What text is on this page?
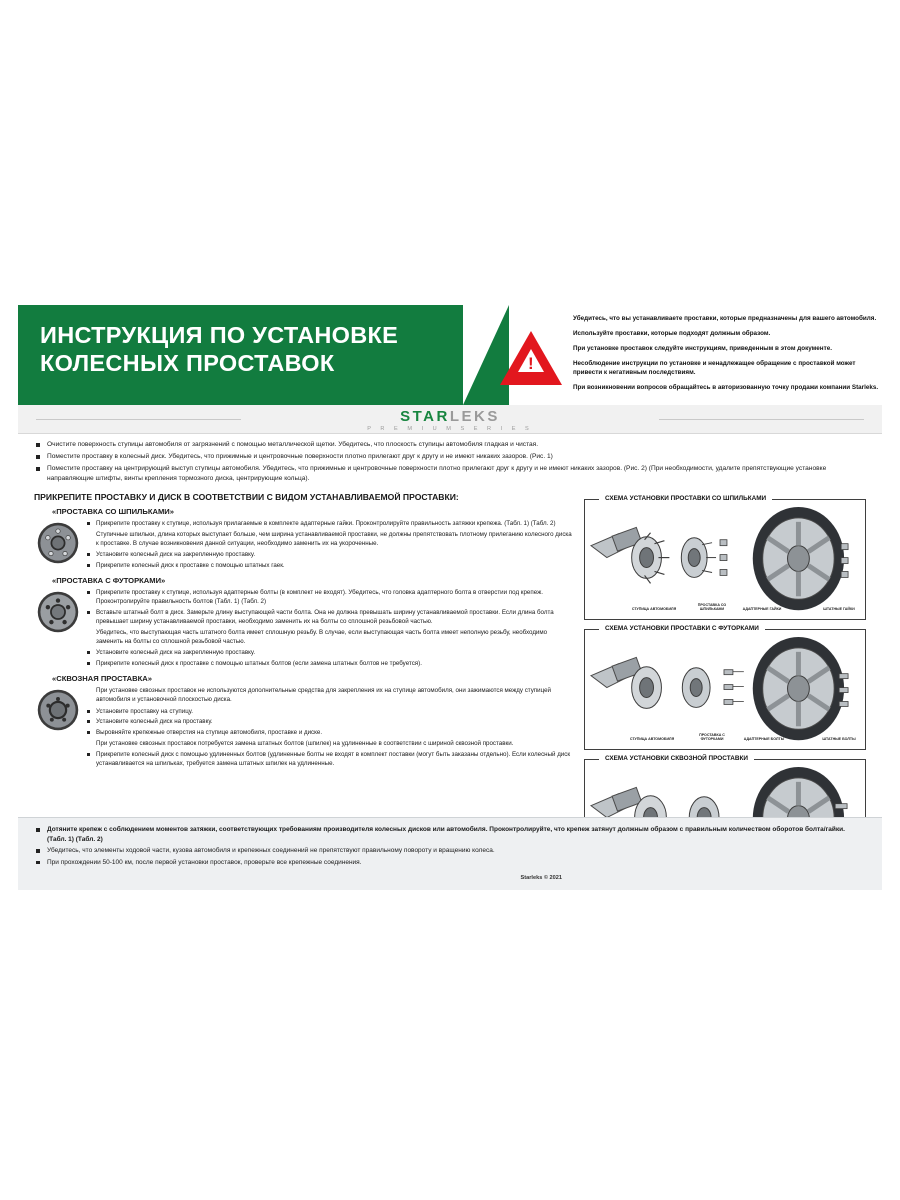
ИНСТРУКЦИЯ ПО УСТАНОВКЕ
КОЛЕСНЫХ ПРОСТАВОК	!

Убедитесь, что вы устанавливаете проставки, которые предназначены для вашего автомобиля.

Используйте проставки, которые подходят должным образом.

При установке проставок следуйте инструкциям, приведенным в этом документе.

Несоблюдение инструкции по установке и ненадлежащее обращение с проставкой может привести к негативным последствиям.

При возникновении вопросов обращайтесь в авторизованную точку продажи компании Starleks.

STARLEKS
P R E M I U M S E R I E S
Очистите поверхность ступицы автомобиля от загрязнений с помощью металлической щетки. Убедитесь, что плоскость ступицы автомобиля гладкая и чистая.
Поместите проставку в колесный диск. Убедитесь, что прижимные и центровочные поверхности плотно прилегают друг к другу и не имеют никаких зазоров. (Рис. 1)
Поместите проставку на центрирующий выступ ступицы автомобиля. Убедитесь, что прижимные и центровочные поверхности плотно прилегают друг к другу и не имеют никаких зазоров. (Рис. 2) (При необходимости, удалите препятствующие установке направляющие штифты, винты крепления тормозного диска, центрирующие кольца).
ПРИКРЕПИТЕ ПРОСТАВКУ И ДИСК В СООТВЕТСТВИИ С ВИДОМ УСТАНАВЛИВАЕМОЙ ПРОСТАВКИ:
«ПРОСТАВКА СО ШПИЛЬКАМИ»
Прикрепите проставку к ступице, используя прилагаемые в комплекте адаптерные гайки. Проконтролируйте правильность затяжки крепежа. (Табл. 1) (Табл. 2)
Ступичные шпильки, длина которых выступает больше, чем ширина устанавливаемой проставки, не должны препятствовать плотному прилеганию колесного диска к проставке. В случае возникновения данной ситуации, необходимо заменить их на укороченные.
Установите колесный диск на закрепленную проставку.
Прикрепите колесный диск к проставке с помощью штатных гаек.
«ПРОСТАВКА С ФУТОРКАМИ»
Прикрепите проставку к ступице, используя адаптерные болты (в комплект не входят). Убедитесь, что головка адаптерного болта в отверстии под крепеж. Проконтролируйте правильность болтов (Табл. 1) (Табл. 2)
Вставьте штатный болт в диск. Замерьте длину выступающей части болта. Она не должна превышать ширину устанавливаемой проставки. Если длина болта превышает ширину устанавливаемой проставки, необходимо заменить их на болты со сплошной резьбовой частью.
Убедитесь, что выступающая часть штатного болта имеет сплошную резьбу. В случае, если выступающая часть болта имеет неполную резьбу, необходимо заменить на болты со сплошной резьбовой частью.
Установите колесный диск на закрепленную проставку.
Прикрепите колесный диск к проставке с помощью штатных болтов (если замена штатных болтов не требуется).
«СКВОЗНАЯ ПРОСТАВКА»
При установке сквозных проставок не используются дополнительные средства для закрепления их на ступице автомобиля, они зажимаются между ступицей автомобиля и установочной плоскостью диска.
Установите проставку на ступицу.
Установите колесный диск на проставку.
Выровняйте крепежные отверстия на ступице автомобиля, проставке и диске.
При установке сквозных проставок потребуется замена штатных болтов (шпилек) на удлиненные в соответствии с шириной сквозной проставки.
Прикрепите колесный диск с помощью удлиненных болтов (удлиненные болты не входят в комплект поставки (могут быть заказаны отдельно). Если колесный диск устанавливается на шпильках, требуется замена штатных шпилек на удлиненные.
СХЕМА УСТАНОВКИ ПРОСТАВКИ СО ШПИЛЬКАМИ
СТУПИЦА АВТОМОБИЛЯ
ПРОСТАВКА СО ШПИЛЬКАМИ	АДАПТЕРНЫЕ ГАЙКИ	ШТАТНЫЕ ГАЙКИ
СХЕМА УСТАНОВКИ ПРОСТАВКИ С ФУТОРКАМИ
СТУПИЦА АВТОМОБИЛЯ
ПРОСТАВКА С ФУТОРКАМИ	АДАПТЕРНЫЕ БОЛТЫ	ШТАТНЫЕ БОЛТЫ
СХЕМА УСТАНОВКИ СКВОЗНОЙ ПРОСТАВКИ
Дотяните крепеж с соблюдением моментов затяжки, соответствующих требованиям производителя колесных дисков или автомобиля. Проконтролируйте, что крепеж затянут должным образом с правильным количеством оборотов болта/гайки. (Табл. 1) (Табл. 2)
Убедитесь, что элементы ходовой части, кузова автомобиля и крепежных соединений не препятствуют правильному повороту и вращению колеса.
При прохождении 50-100 км, после первой установки проставок, проверьте все крепежные соединения.
Starleks © 2021
